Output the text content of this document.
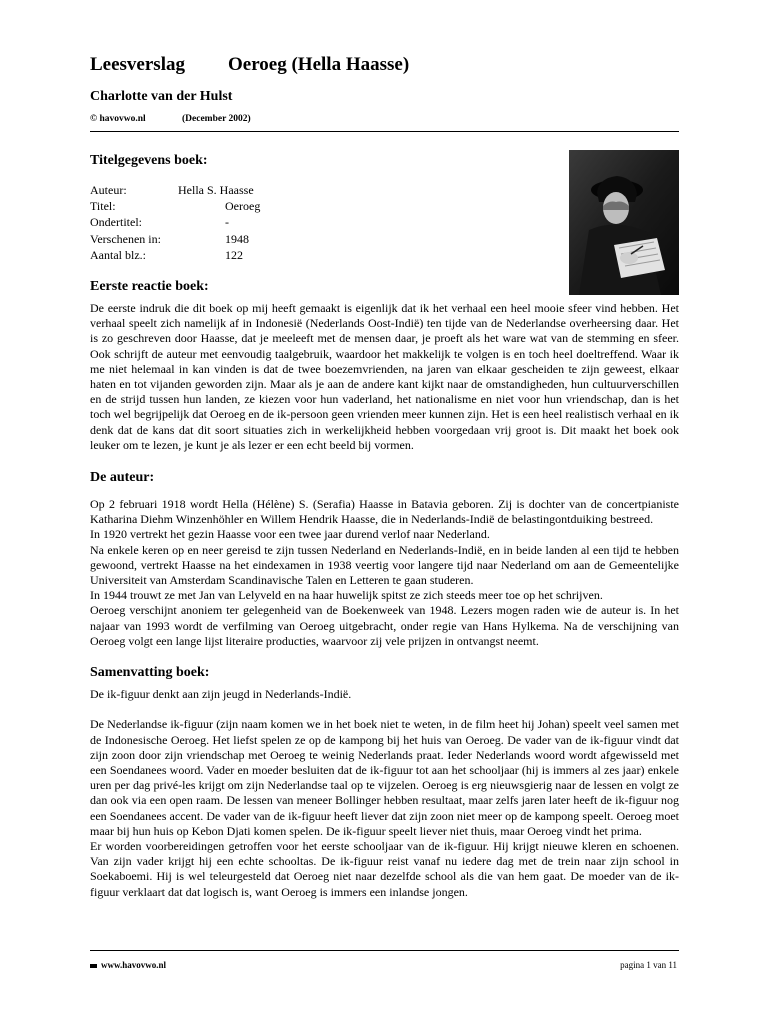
Leesverslag Oeroeg (Hella Haasse)
Charlotte van der Hulst
© havovwo.nl	(December 2002)
Titelgegevens boek:
Auteur:	Hella S. Haasse
Titel:	Oeroeg
Ondertitel:	-
Verschenen in:	1948
Aantal blz.:	122
Eerste reactie boek:

De eerste indruk die dit boek op mij heeft gemaakt is eigenlijk dat ik het verhaal een heel mooie sfeer vind hebben. Het verhaal speelt zich namelijk af in Indonesië (Nederlands Oost-Indië) ten tijde van de Nederlandse overheersing daar. Het is zo geschreven door Haasse, dat je meeleeft met de mensen daar, je proeft als het ware wat van de stemming en sfeer. Ook schrijft de auteur met eenvoudig taalgebruik, waardoor het makkelijk te volgen is en toch heel doeltreffend. Waar ik me niet helemaal in kan vinden is dat de twee boezemvrienden, na jaren van elkaar gescheiden te zijn geweest, elkaar haten en tot vijanden geworden zijn. Maar als je aan de andere kant kijkt naar de omstandigheden, hun cultuurverschillen en de strijd tussen hun landen, ze kiezen voor hun vaderland, het nationalisme en niet voor hun vriendschap, dan is het toch wel begrijpelijk dat Oeroeg en de ik-persoon geen vrienden meer kunnen zijn. Het is een heel realistisch verhaal en ik denk dat de kans dat dit soort situaties zich in werkelijkheid hebben voorgedaan vrij groot is. Dit maakt het boek ook leuker om te lezen, je kunt je als lezer er een echt beeld bij vormen.

De auteur:

Op 2 februari 1918 wordt Hella (Hélène) S. (Serafia) Haasse in Batavia geboren. Zij is dochter van de concertpianiste Katharina Diehm Winzenhöhler en Willem Hendrik Haasse, die in Nederlands-Indië de belastingontduiking bestreed.

In 1920 vertrekt het gezin Haasse voor een twee jaar durend verlof naar Nederland.

Na enkele keren op en neer gereisd te zijn tussen Nederland en Nederlands-Indië, en in beide landen al een tijd te hebben gewoond, vertrekt Haasse na het eindexamen in 1938 veertig voor langere tijd naar Nederland om aan de Gemeentelijke Universiteit van Amsterdam Scandinavische Talen en Letteren te gaan studeren.

In 1944 trouwt ze met Jan van Lelyveld en na haar huwelijk spitst ze zich steeds meer toe op het schrijven.

Oeroeg verschijnt anoniem ter gelegenheid van de Boekenweek van 1948. Lezers mogen raden wie de auteur is. In het najaar van 1993 wordt de verfilming van Oeroeg uitgebracht, onder regie van Hans Hylkema. Na de verschijning van Oeroeg volgt een lange lijst literaire producties, waarvoor zij vele prijzen in ontvangst neemt.

Samenvatting boek:

De ik-figuur denkt aan zijn jeugd in Nederlands-Indië.

De Nederlandse ik-figuur (zijn naam komen we in het boek niet te weten, in de film heet hij Johan) speelt veel samen met de Indonesische Oeroeg. Het liefst spelen ze op de kampong bij het huis van Oeroeg. De vader van de ik-figuur vindt dat zijn zoon door zijn vriendschap met Oeroeg te weinig Nederlands praat. Ieder Nederlands woord wordt afgewisseld met een Soendanees woord. Vader en moeder besluiten dat de ik-figuur tot aan het schooljaar (hij is immers al zes jaar) enkele uren per dag privé-les krijgt om zijn Nederlandse taal op te vijzelen. Oeroeg is erg nieuwsgierig naar de lessen en volgt ze dan ook via een open raam. De lessen van meneer Bollinger hebben resultaat, maar zelfs jaren later heeft de ik-figuur nog een Soendanees accent. De vader van de ik-figuur heeft liever dat zijn zoon niet meer op de kampong speelt. Oeroeg moet maar bij hun huis op Kebon Djati komen spelen. De ik-figuur speelt liever niet thuis, maar Oeroeg vindt het prima.

Er worden voorbereidingen getroffen voor het eerste schooljaar van de ik-figuur. Hij krijgt nieuwe kleren en schoenen. Van zijn vader krijgt hij een echte schooltas. De ik-figuur reist vanaf nu iedere dag met de trein naar zijn school in Soekaboemi. Hij is wel teleurgesteld dat Oeroeg niet naar dezelfde school als die van hem gaat. De moeder van de ik-figuur verklaart dat dat logisch is, want Oeroeg is immers een inlandse jongen.

www.havovwo.nl	pagina 1 van 11
